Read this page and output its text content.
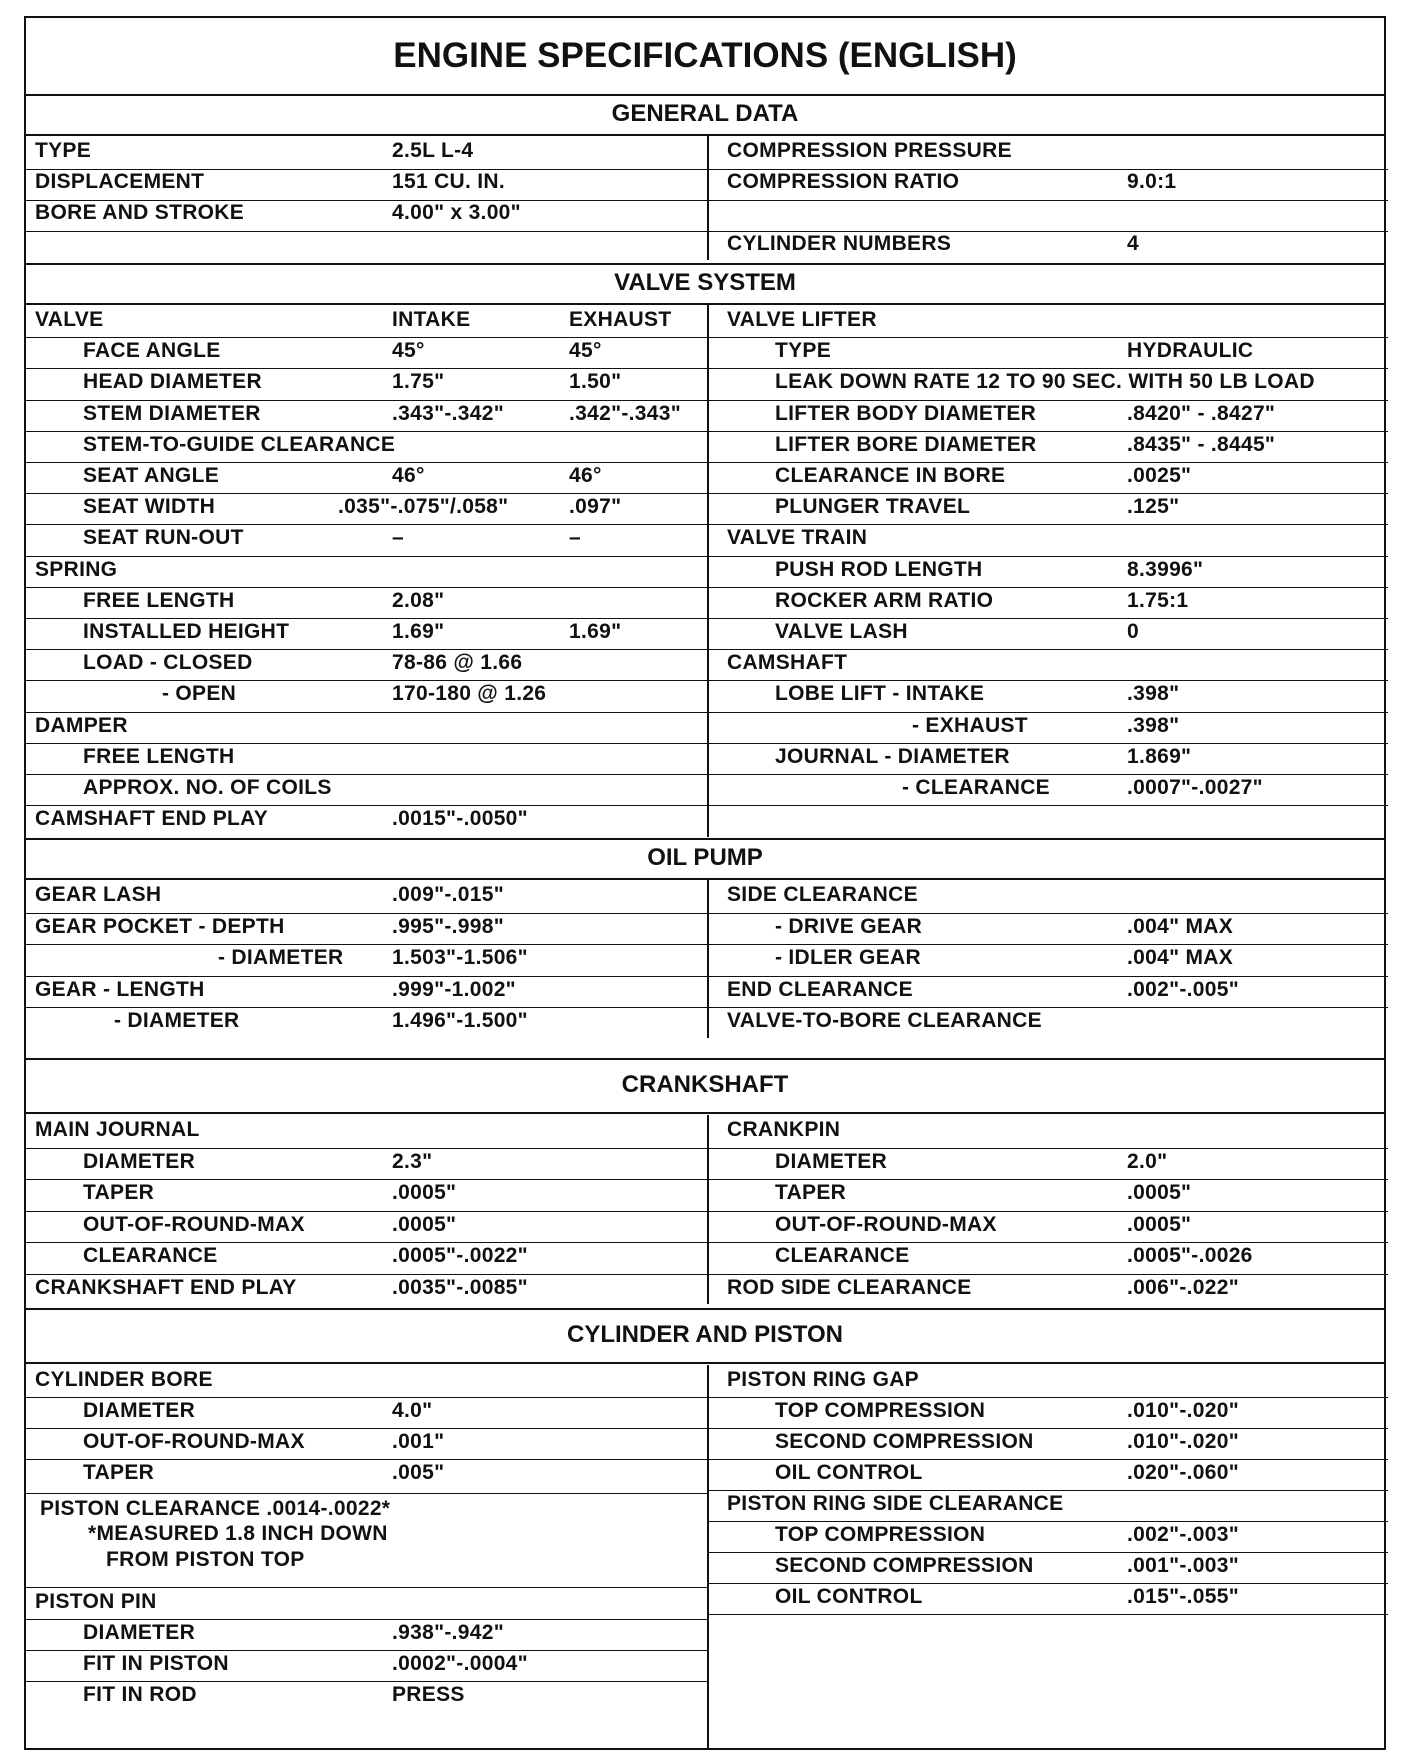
ENGINE SPECIFICATIONS (ENGLISH)
GENERAL DATA
TYPE	2.5L L-4
DISPLACEMENT	151 CU. IN.
BORE AND STROKE	4.00" x 3.00"
COMPRESSION PRESSURE
COMPRESSION RATIO	9.0:1
CYLINDER NUMBERS	4
VALVE SYSTEM
VALVE	INTAKE	EXHAUST
FACE ANGLE	45°	45°
HEAD DIAMETER	1.75"	1.50"
STEM DIAMETER	.343"-.342"	.342"-.343"
STEM-TO-GUIDE CLEARANCE
SEAT ANGLE	46°	46°
SEAT WIDTH	.035"-.075"/.058"	.097"
SEAT RUN-OUT	–	–
SPRING
FREE LENGTH	2.08"
INSTALLED HEIGHT	1.69"	1.69"
LOAD - CLOSED	78-86 @ 1.66
- OPEN	170-180 @ 1.26
DAMPER
FREE LENGTH
APPROX. NO. OF COILS
CAMSHAFT END PLAY	.0015"-.0050"
VALVE LIFTER
TYPE	HYDRAULIC
LEAK DOWN RATE 12 TO 90 SEC. WITH 50 LB LOAD
LIFTER BODY DIAMETER	.8420" - .8427"
LIFTER BORE DIAMETER	.8435" - .8445"
CLEARANCE IN BORE	.0025"
PLUNGER TRAVEL	.125"
VALVE TRAIN
PUSH ROD LENGTH	8.3996"
ROCKER ARM RATIO	1.75:1
VALVE LASH	0
CAMSHAFT
LOBE LIFT - INTAKE	.398"
- EXHAUST	.398"
JOURNAL - DIAMETER	1.869"
- CLEARANCE	.0007"-.0027"
OIL PUMP
GEAR LASH	.009"-.015"
GEAR POCKET - DEPTH	.995"-.998"
- DIAMETER 1.503"-1.506"
GEAR - LENGTH	.999"-1.002"
- DIAMETER	1.496"-1.500"
SIDE CLEARANCE
- DRIVE GEAR	.004" MAX
- IDLER GEAR	.004" MAX
END CLEARANCE	.002"-.005"
VALVE-TO-BORE CLEARANCE
CRANKSHAFT
MAIN JOURNAL
DIAMETER	2.3"
TAPER	.0005"
OUT-OF-ROUND-MAX	.0005"
CLEARANCE	.0005"-.0022"
CRANKSHAFT END PLAY	.0035"-.0085"
CRANKPIN
DIAMETER	2.0"
TAPER	.0005"
OUT-OF-ROUND-MAX	.0005"
CLEARANCE	.0005"-.0026
ROD SIDE CLEARANCE	.006"-.022"
CYLINDER AND PISTON
CYLINDER BORE
DIAMETER	4.0"
OUT-OF-ROUND-MAX	.001"
TAPER	.005"
PISTON CLEARANCE .0014-.0022*
*MEASURED 1.8 INCH DOWN
FROM PISTON TOP
PISTON PIN
DIAMETER	.938"-.942"
FIT IN PISTON	.0002"-.0004"
FIT IN ROD	PRESS
PISTON RING GAP
TOP COMPRESSION	.010"-.020"
SECOND COMPRESSION	.010"-.020"
OIL CONTROL	.020"-.060"
PISTON RING SIDE CLEARANCE
TOP COMPRESSION	.002"-.003"
SECOND COMPRESSION	.001"-.003"
OIL CONTROL	.015"-.055"
